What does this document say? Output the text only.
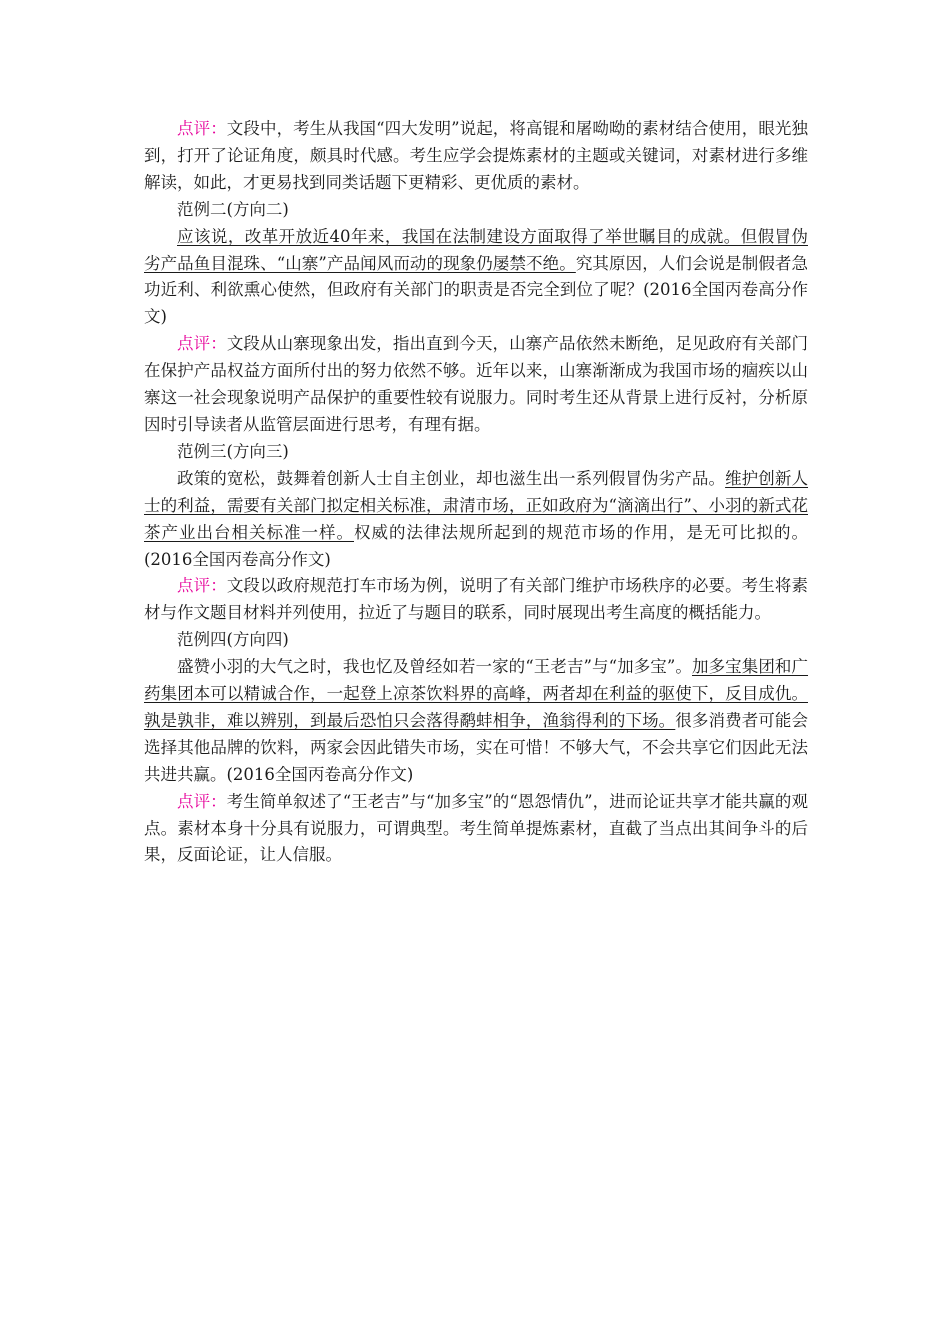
点评：文段中，考生从我国“四大发明”说起，将高锟和屠呦呦的素材结合使用，眼光独到，打开了论证角度，颇具时代感。考生应学会提炼素材的主题或关键词，对素材进行多维解读，如此，才更易找到同类话题下更精彩、更优质的素材。

范例二(方向二)

应该说，改革开放近40年来，我国在法制建设方面取得了举世瞩目的成就。但假冒伪劣产品鱼目混珠、“山寨”产品闻风而动的现象仍屡禁不绝。究其原因，人们会说是制假者急功近利、利欲熏心使然，但政府有关部门的职责是否完全到位了呢？(2016全国丙卷高分作文)

点评：文段从山寨现象出发，指出直到今天，山寨产品依然未断绝，足见政府有关部门在保护产品权益方面所付出的努力依然不够。近年以来，山寨渐渐成为我国市场的痼疾以山寨这一社会现象说明产品保护的重要性较有说服力。同时考生还从背景上进行反衬，分析原因时引导读者从监管层面进行思考，有理有据。

范例三(方向三)

政策的宽松，鼓舞着创新人士自主创业，却也滋生出一系列假冒伪劣产品。维护创新人士的利益，需要有关部门拟定相关标准，肃清市场，正如政府为“滴滴出行”、小羽的新式花茶产业出台相关标准一样。权威的法律法规所起到的规范市场的作用，是无可比拟的。(2016全国丙卷高分作文)

点评：文段以政府规范打车市场为例，说明了有关部门维护市场秩序的必要。考生将素材与作文题目材料并列使用，拉近了与题目的联系，同时展现出考生高度的概括能力。

范例四(方向四)

盛赞小羽的大气之时，我也忆及曾经如若一家的“王老吉”与“加多宝”。加多宝集团和广药集团本可以精诚合作，一起登上凉茶饮料界的高峰，两者却在利益的驱使下，反目成仇。孰是孰非，难以辨别，到最后恐怕只会落得鹬蚌相争，渔翁得利的下场。很多消费者可能会选择其他品牌的饮料，两家会因此错失市场，实在可惜！不够大气，不会共享它们因此无法共进共赢。(2016全国丙卷高分作文)

点评：考生简单叙述了“王老吉”与“加多宝”的“恩怨情仇”，进而论证共享才能共赢的观点。素材本身十分具有说服力，可谓典型。考生简单提炼素材，直截了当点出其间争斗的后果，反面论证，让人信服。
